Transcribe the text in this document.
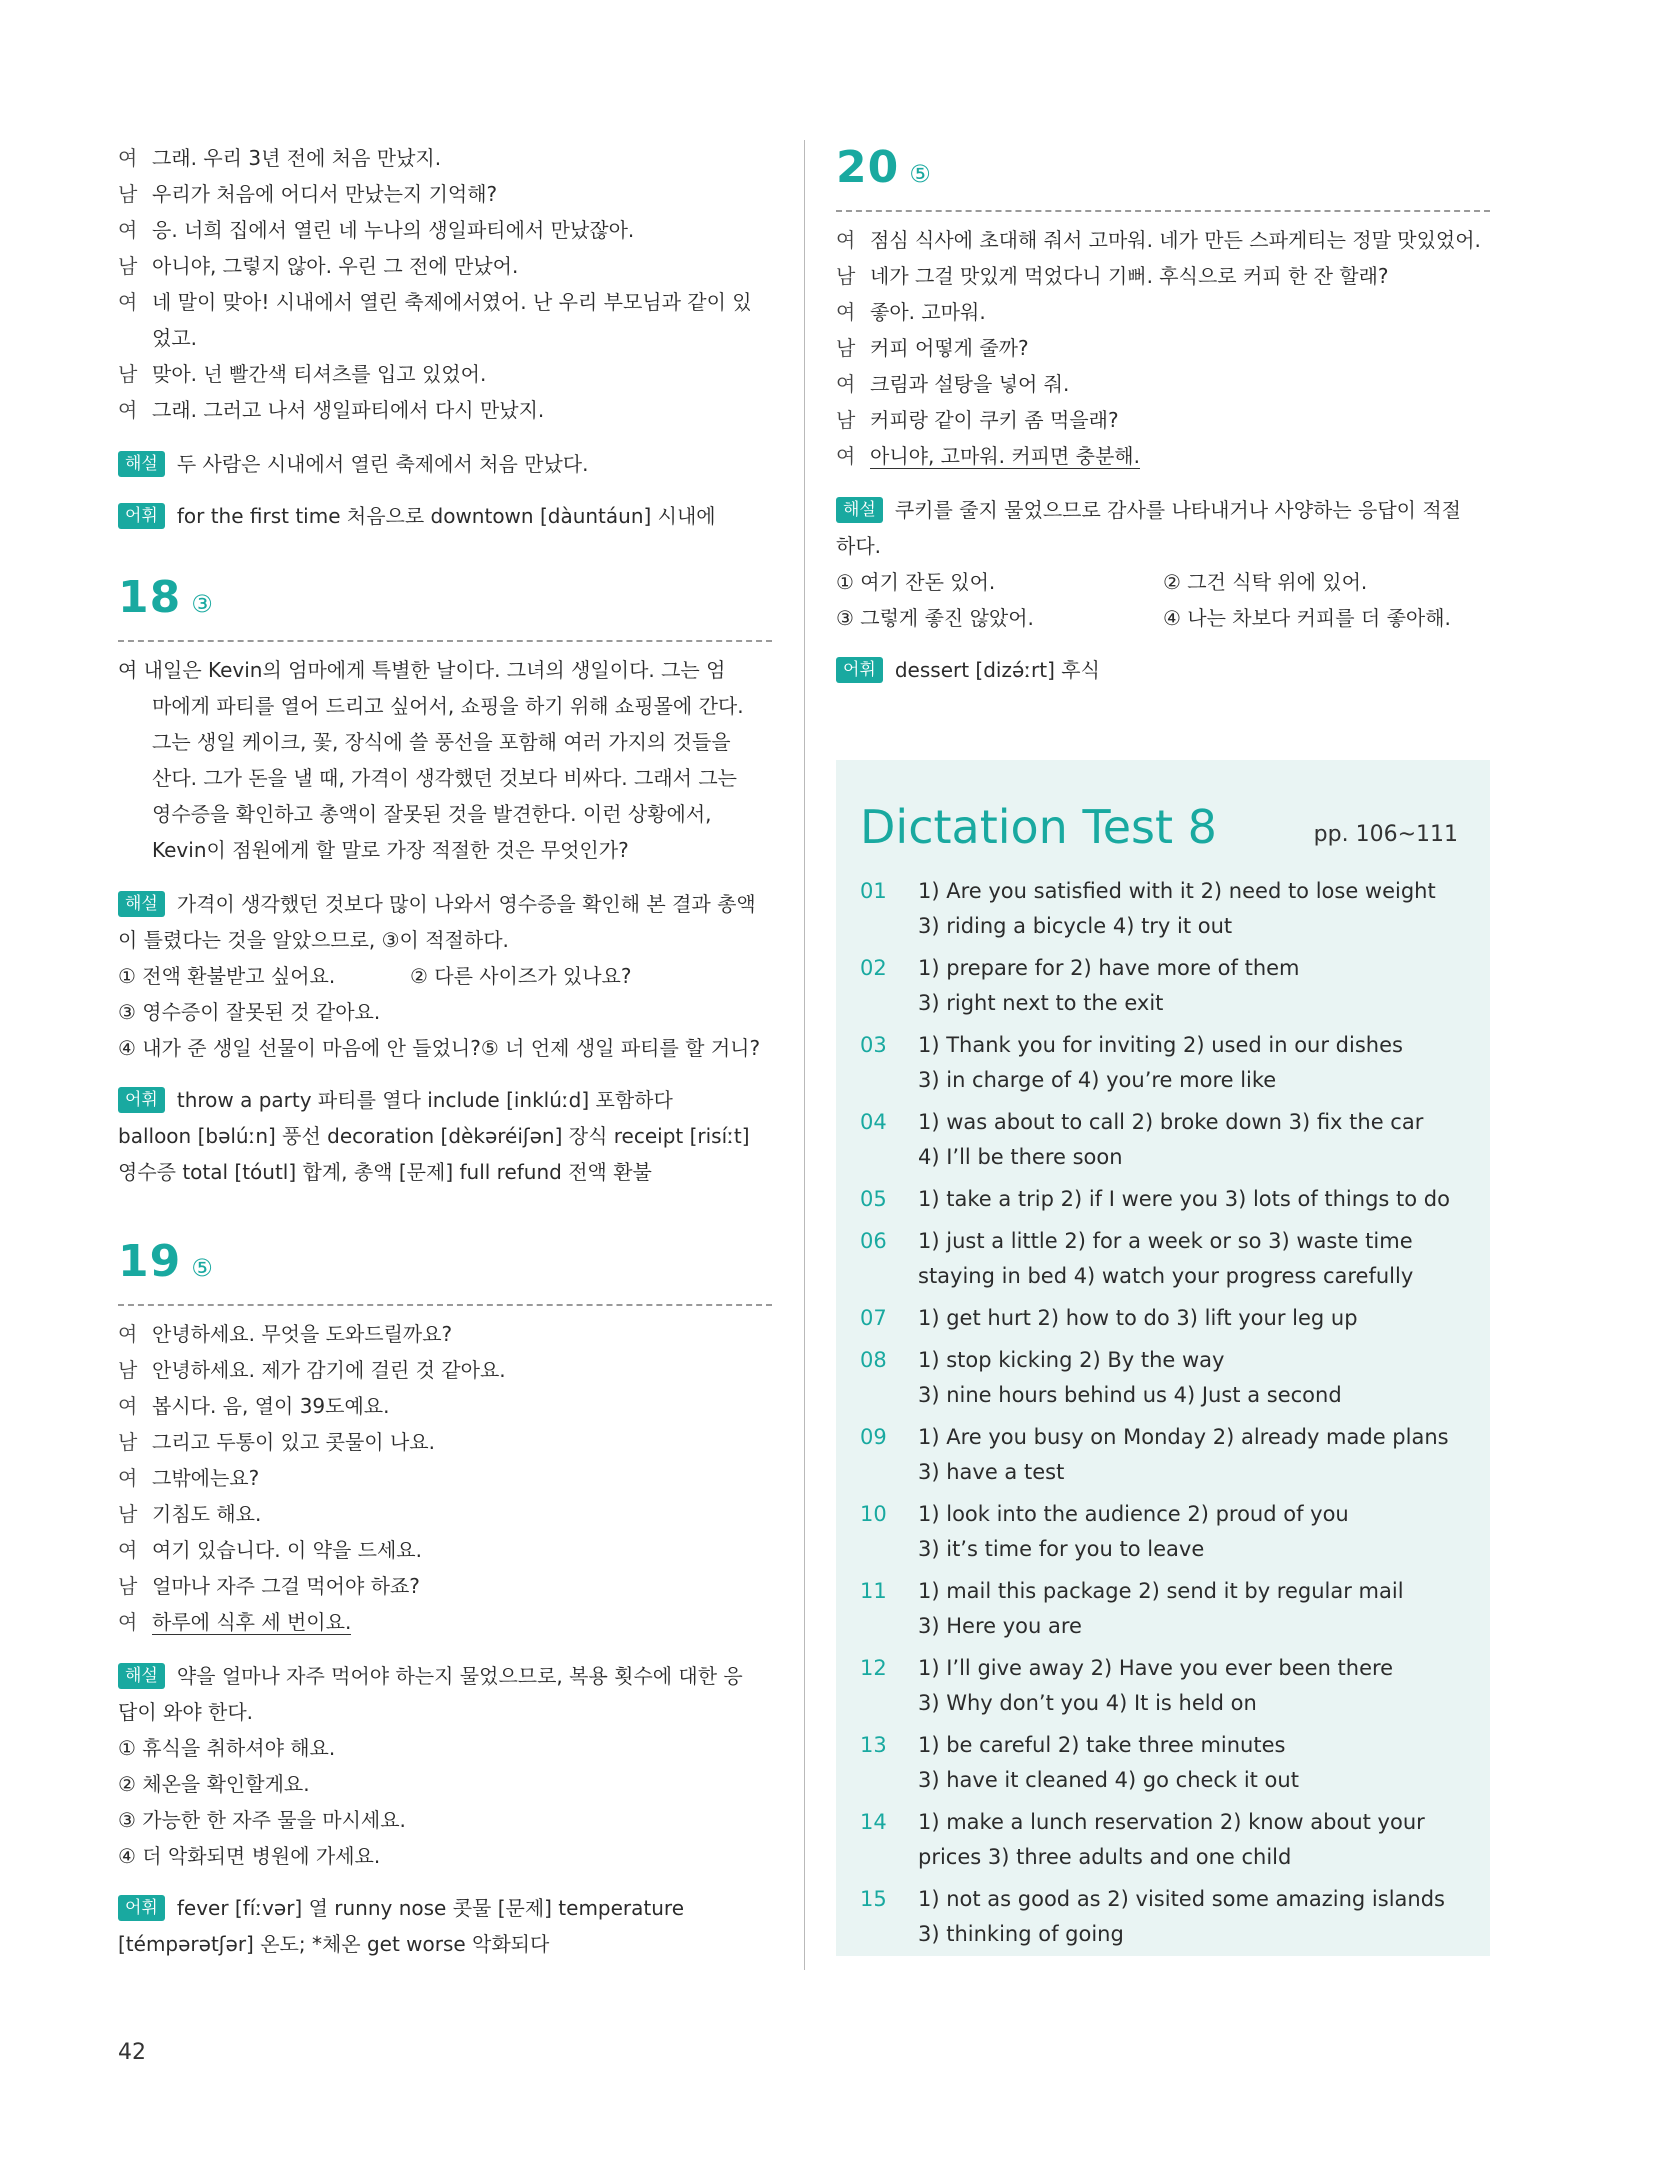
여 그래. 우리 3년 전에 처음 만났지.
남 우리가 처음에 어디서 만났는지 기억해?
여 응. 너희 집에서 열린 네 누나의 생일파티에서 만났잖아.
남 아니야, 그렇지 않아. 우린 그 전에 만났어.
여 네 말이 맞아! 시내에서 열린 축제에서였어. 난 우리 부모님과 같이 있
었고.
남 맞아. 넌 빨간색 티셔츠를 입고 있었어.
여 그래. 그러고 나서 생일파티에서 다시 만났지.
해설 두 사람은 시내에서 열린 축제에서 처음 만났다.
어휘 for the first time 처음으로 downtown [dàuntáun] 시내에
18 ③
여 내일은 Kevin의 엄마에게 특별한 날이다. 그녀의 생일이다. 그는 엄
마에게 파티를 열어 드리고 싶어서, 쇼핑을 하기 위해 쇼핑몰에 간다.
그는 생일 케이크, 꽃, 장식에 쓸 풍선을 포함해 여러 가지의 것들을
산다. 그가 돈을 낼 때, 가격이 생각했던 것보다 비싸다. 그래서 그는
영수증을 확인하고 총액이 잘못된 것을 발견한다. 이런 상황에서,
Kevin이 점원에게 할 말로 가장 적절한 것은 무엇인가?
해설 가격이 생각했던 것보다 많이 나와서 영수증을 확인해 본 결과 총액
이 틀렸다는 것을 알았으므로, ③이 적절하다.
① 전액 환불받고 싶어요.	② 다른 사이즈가 있나요?
③ 영수증이 잘못된 것 같아요.
④ 내가 준 생일 선물이 마음에 안 들었니? ⑤ 너 언제 생일 파티를 할 거니?
어휘 throw a party 파티를 열다 include [inklúːd] 포함하다
balloon [bəlúːn] 풍선 decoration [dèkəréiʃən] 장식 receipt [risíːt]
영수증 total [tóutl] 합계, 총액 [문제] full refund 전액 환불
19 ⑤
여 안녕하세요. 무엇을 도와드릴까요?
남 안녕하세요. 제가 감기에 걸린 것 같아요.
여 봅시다. 음, 열이 39도예요.
남 그리고 두통이 있고 콧물이 나요.
여 그밖에는요?
남 기침도 해요.
여 여기 있습니다. 이 약을 드세요.
남 얼마나 자주 그걸 먹어야 하죠?
여 하루에 식후 세 번이요.
해설 약을 얼마나 자주 먹어야 하는지 물었으므로, 복용 횟수에 대한 응
답이 와야 한다.
① 휴식을 취하셔야 해요.
② 체온을 확인할게요.
③ 가능한 한 자주 물을 마시세요.
④ 더 악화되면 병원에 가세요.
어휘 fever [fíːvər] 열 runny nose 콧물 [문제] temperature
[témpərətʃər] 온도; *체온 get worse 악화되다
20 ⑤
여 점심 식사에 초대해 줘서 고마워. 네가 만든 스파게티는 정말 맛있었어.
남 네가 그걸 맛있게 먹었다니 기뻐. 후식으로 커피 한 잔 할래?
여 좋아. 고마워.
남 커피 어떻게 줄까?
여 크림과 설탕을 넣어 줘.
남 커피랑 같이 쿠키 좀 먹을래?
여 아니야, 고마워. 커피면 충분해.
해설 쿠키를 줄지 물었으므로 감사를 나타내거나 사양하는 응답이 적절
하다.
① 여기 잔돈 있어.	② 그건 식탁 위에 있어.
③ 그렇게 좋진 않았어.	④ 나는 차보다 커피를 더 좋아해.
어휘 dessert [dizə́ːrt] 후식
Dictation Test 8	pp. 106~111
01	1) Are you satisfied with it 2) need to lose weight
3) riding a bicycle 4) try it out
02	1) prepare for 2) have more of them
3) right next to the exit
03	1) Thank you for inviting 2) used in our dishes
3) in charge of 4) you’re more like
04	1) was about to call 2) broke down 3) fix the car
4) I’ll be there soon
05	1) take a trip 2) if I were you 3) lots of things to do
06	1) just a little 2) for a week or so 3) waste time
staying in bed 4) watch your progress carefully
07	1) get hurt 2) how to do 3) lift your leg up
08	1) stop kicking 2) By the way
3) nine hours behind us 4) Just a second
09	1) Are you busy on Monday 2) already made plans
3) have a test
10	1) look into the audience 2) proud of you
3) it’s time for you to leave
11	1) mail this package 2) send it by regular mail
3) Here you are
12	1) I’ll give away 2) Have you ever been there
3) Why don’t you 4) It is held on
13	1) be careful 2) take three minutes
3) have it cleaned 4) go check it out
14	1) make a lunch reservation 2) know about your
prices 3) three adults and one child
15	1) not as good as 2) visited some amazing islands
3) thinking of going
42
